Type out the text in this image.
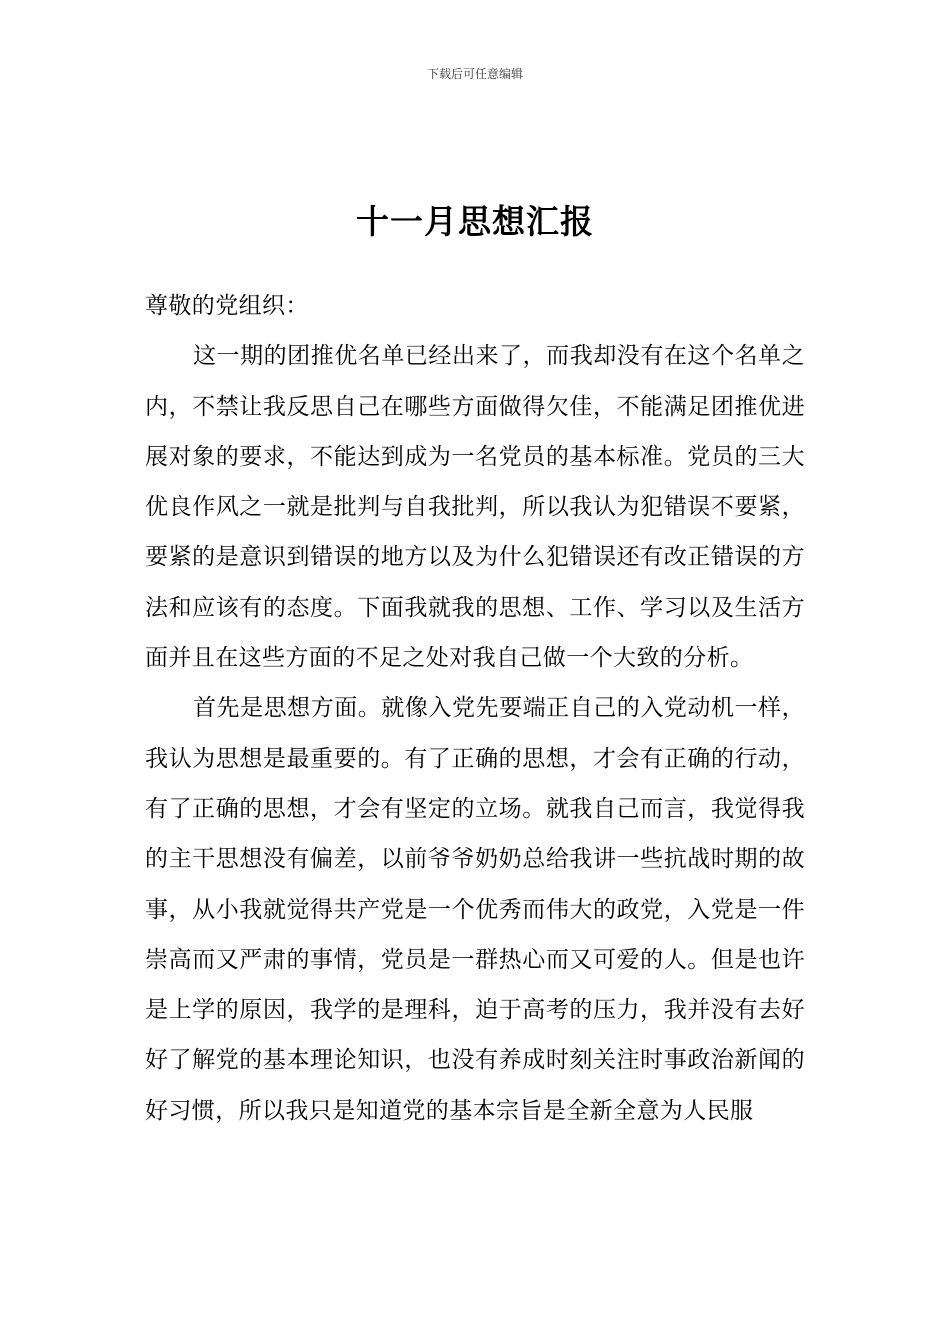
下载后可任意编辑
十一月思想汇报

尊敬的党组织：

这一期的团推优名单已经出来了，而我却没有在这个名单之内，不禁让我反思自己在哪些方面做得欠佳，不能满足团推优进展对象的要求，不能达到成为一名党员的基本标准。党员的三大优良作风之一就是批判与自我批判，所以我认为犯错误不要紧，要紧的是意识到错误的地方以及为什么犯错误还有改正错误的方法和应该有的态度。下面我就我的思想、工作、学习以及生活方面并且在这些方面的不足之处对我自己做一个大致的分析。

首先是思想方面。就像入党先要端正自己的入党动机一样，我认为思想是最重要的。有了正确的思想，才会有正确的行动，有了正确的思想，才会有坚定的立场。就我自己而言，我觉得我的主干思想没有偏差，以前爷爷奶奶总给我讲一些抗战时期的故事，从小我就觉得共产党是一个优秀而伟大的政党，入党是一件崇高而又严肃的事情，党员是一群热心而又可爱的人。但是也许是上学的原因，我学的是理科，迫于高考的压力，我并没有去好好了解党的基本理论知识，也没有养成时刻关注时事政治新闻的好习惯，所以我只是知道党的基本宗旨是全新全意为人民服
